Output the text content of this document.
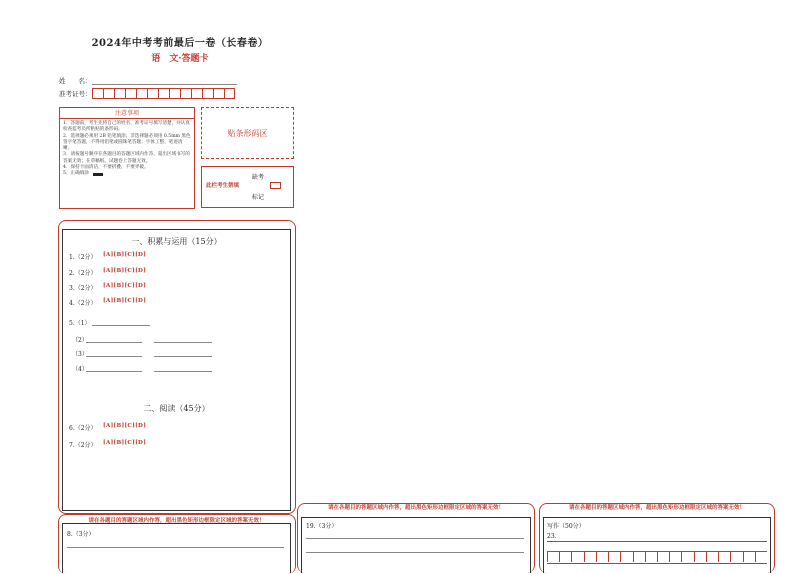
2024年中考考前最后一卷（长春卷）
语　文·答题卡
姓　　名：
准考证号：
注意事项
1．答题前，考生先将自己的姓名，准考证号填写清楚，并认真检查监考员所粘贴的条形码。
2．选择题必须用 2B 铅笔填涂；非选择题必须用 0.5mm 黑色签字笔答题，不得用铅笔或圆珠笔答题；字体工整、笔迹清晰。
3．请按题号顺序在各题目的答题区域内作答，超出区域书写的答案无效；在草稿纸、试题卷上答题无效。
4．保持卡面清洁，不要折叠、不要弄破。
5．正确填涂
贴条形码区
缺考
此栏考生禁填
标记
一、积累与运用（15分）
1.（2分） [A][B][C][D]
2.（2分） [A][B][C][D]
3.（2分） [A][B][C][D]
4.（2分） [A][B][C][D]
5.（1）
（2）
（3）
（4）
二、阅读（45分）
6.（2分） [A][B][C][D]
7.（2分） [A][B][C][D]
请在各题目的答题区域内作答，超出黑色矩形边框限定区域的答案无效！
8.（3分）
请在各题目的答题区域内作答，超出黑色矩形边框限定区域的答案无效！
19.（3分）
请在各题目的答题区域内作答，超出黑色矩形边框限定区域的答案无效！
写作（50分）
23.
